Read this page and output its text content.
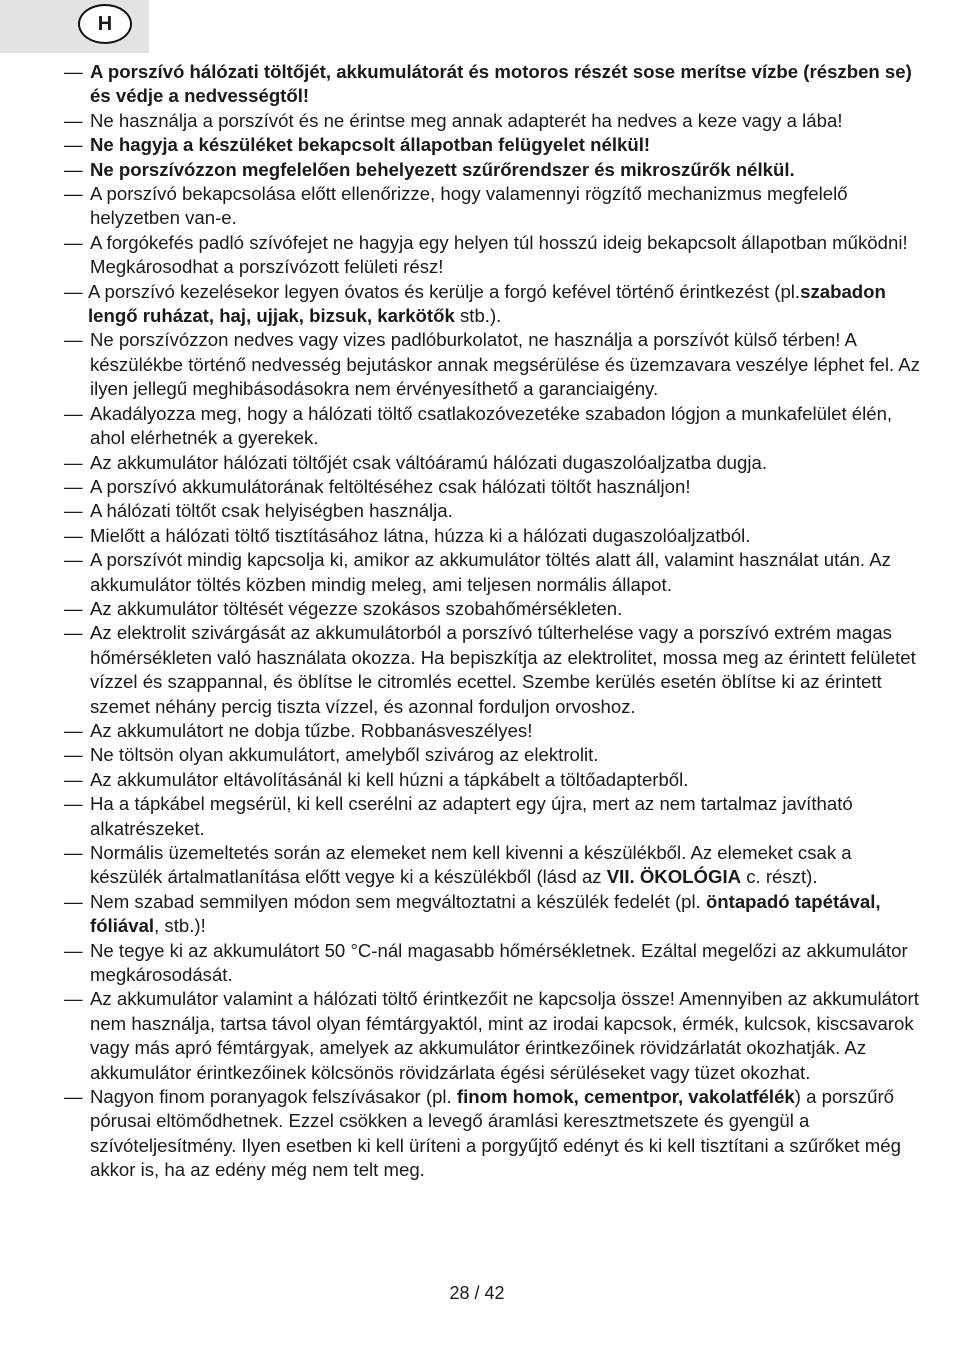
H
— A porszívó hálózati töltőjét, akkumulátorát és motoros részét sose merítse vízbe (részben se) és védje a nedvességtől!
— Ne használja a porszívót és ne érintse meg annak adapterét ha nedves a keze vagy a lába!
— Ne hagyja a készüléket bekapcsolt állapotban felügyelet nélkül!
— Ne porszívózzon megfelelően behelyezett szűrőrendszer és mikroszűrők nélkül.
— A porszívó bekapcsolása előtt ellenőrizze, hogy valamennyi rögzítő mechanizmus megfelelő helyzetben van-e.
— A forgókefés padló szívófejet ne hagyja egy helyen túl hosszú ideig bekapcsolt állapotban működni! Megkárosodhat a porszívózott felületi rész!
— A porszívó kezelésekor legyen óvatos és kerülje a forgó kefével történő érintkezést (pl.szabadon lengő ruházat, haj, ujjak, bizsuk, karkötők stb.).
— Ne porszívózzon nedves vagy vizes padlóburkolatot, ne használja a porszívót külső térben! A készülékbe történő nedvesség bejutáskor annak megsérülése és üzemzavara veszélye léphet fel. Az ilyen jellegű meghibásodásokra nem érvényesíthető a garanciaigény.
— Akadályozza meg, hogy a hálózati töltő csatlakozóvezetéke szabadon lógjon a munkafelület élén, ahol elérhetnék a gyerekek.
— Az akkumulátor hálózati töltőjét csak váltóáramú hálózati dugaszolóaljzatba dugja.
— A porszívó akkumulátorának feltöltéséhez csak hálózati töltőt használjon!
— A hálózati töltőt csak helyiségben használja.
— Mielőtt a hálózati töltő tisztításához látna, húzza ki a hálózati dugaszolóaljzatból.
— A porszívót mindig kapcsolja ki, amikor az akkumulátor töltés alatt áll, valamint használat után. Az akkumulátor töltés közben mindig meleg, ami teljesen normális állapot.
— Az akkumulátor töltését végezze szokásos szobahőmérsékleten.
— Az elektrolit szivárgását az akkumulátorból a porszívó túlterhelése vagy a porszívó extrém magas hőmérsékleten való használata okozza. Ha bepiszkítja az elektrolitet, mossa meg az érintett felületet vízzel és szappannal, és öblítse le citromlés ecettel. Szembe kerülés esetén öblítse ki az érintett szemet néhány percig tiszta vízzel, és azonnal forduljon orvoshoz.
— Az akkumulátort ne dobja tűzbe. Robbanásveszélyes!
— Ne töltsön olyan akkumulátort, amelyből szivárog az elektrolit.
— Az akkumulátor eltávolításánál ki kell húzni a tápkábelt a töltőadapterből.
— Ha a tápkábel megsérül, ki kell cserélni az adaptert egy újra, mert az nem tartalmaz javítható alkatrészeket.
— Normális üzemeltetés során az elemeket nem kell kivenni a készülékből. Az elemeket csak a készülék ártalmatlanítása előtt vegye ki a készülékből (lásd az VII. ÖKOLÓGIA c. részt).
— Nem szabad semmilyen módon sem megváltoztatni a készülék fedelét (pl. öntapadó tapétával, fóliával, stb.)!
— Ne tegye ki az akkumulátort 50 °C-nál magasabb hőmérsékletnek. Ezáltal megelőzi az akkumulátor megkárosodását.
— Az akkumulátor valamint a hálózati töltő érintkezőit ne kapcsolja össze! Amennyiben az akkumulátort nem használja, tartsa távol olyan fémtárgyaktól, mint az irodai kapcsok, érmék, kulcsok, kiscsavarok vagy más apró fémtárgyak, amelyek az akkumulátor érintkezőinek rövidzárlatát okozhatják. Az akkumulátor érintkezőinek kölcsönös rövidzárlata égési sérüléseket vagy tüzet okozhat.
— Nagyon finom poranyagok felszívásakor (pl. finom homok, cementpor, vakolatfélék) a porszűrő pórusai eltömődhetnek. Ezzel csökken a levegő áramlási keresztmetszete és gyengül a szívóteljesítmény. Ilyen esetben ki kell üríteni a porgyűjtő edényt és ki kell tisztítani a szűrőket még akkor is, ha az edény még nem telt meg.
28 / 42
